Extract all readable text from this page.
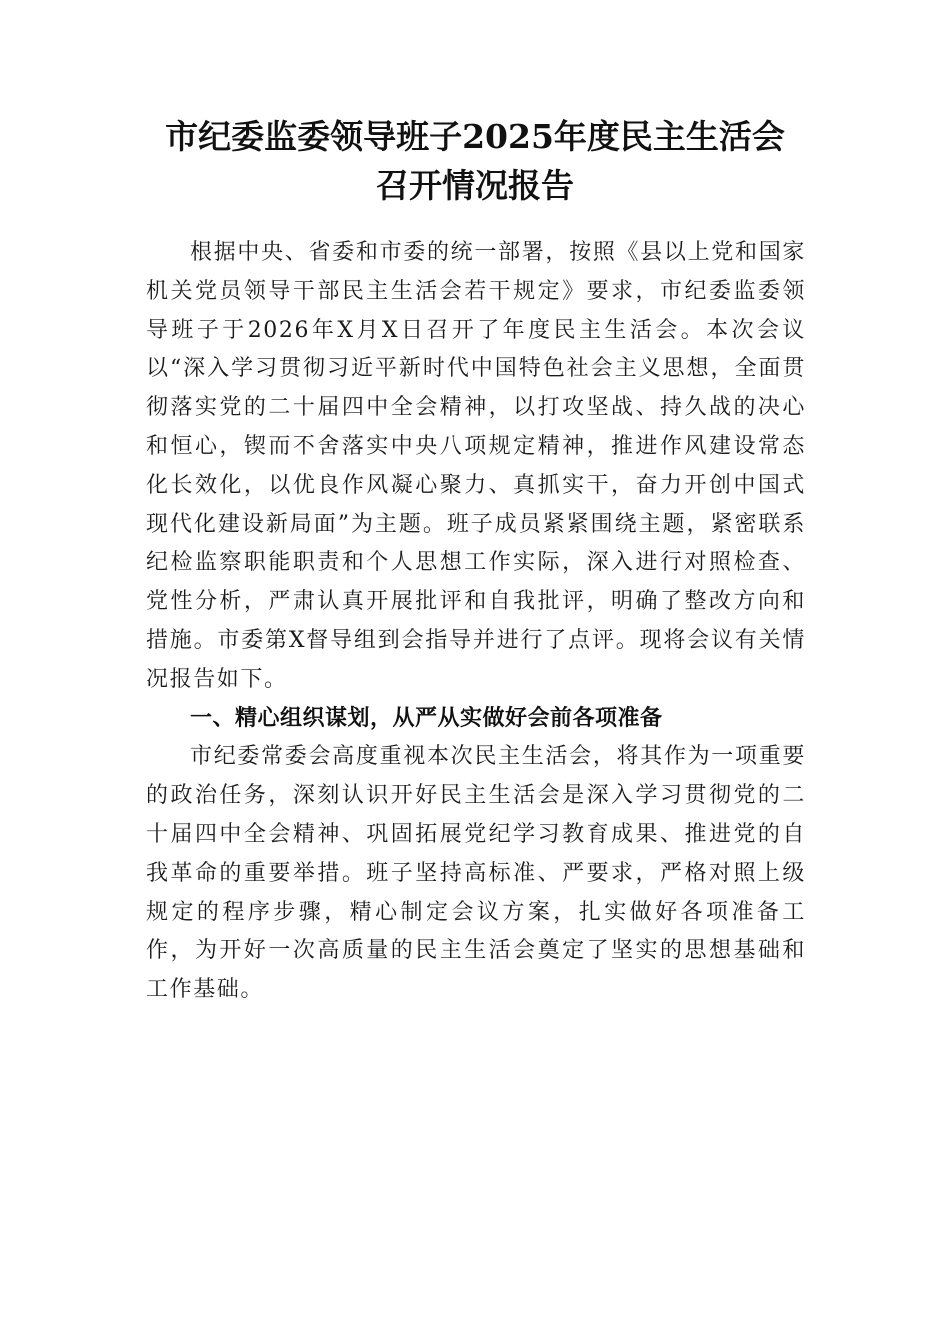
市纪委监委领导班子2025年度民主生活会
召开情况报告

根据中央、省委和市委的统一部署，按照《县以上党和国家机关党员领导干部民主生活会若干规定》要求，市纪委监委领导班子于2026年X月X日召开了年度民主生活会。本次会议以“深入学习贯彻习近平新时代中国特色社会主义思想，全面贯彻落实党的二十届四中全会精神，以打攻坚战、持久战的决心和恒心，锲而不舍落实中央八项规定精神，推进作风建设常态化长效化，以优良作风凝心聚力、真抓实干，奋力开创中国式现代化建设新局面”为主题。班子成员紧紧围绕主题，紧密联系纪检监察职能职责和个人思想工作实际，深入进行对照检查、党性分析，严肃认真开展批评和自我批评，明确了整改方向和措施。市委第X督导组到会指导并进行了点评。现将会议有关情况报告如下。

一、精心组织谋划，从严从实做好会前各项准备

市纪委常委会高度重视本次民主生活会，将其作为一项重要的政治任务，深刻认识开好民主生活会是深入学习贯彻党的二十届四中全会精神、巩固拓展党纪学习教育成果、推进党的自我革命的重要举措。班子坚持高标准、严要求，严格对照上级规定的程序步骤，精心制定会议方案，扎实做好各项准备工作，为开好一次高质量的民主生活会奠定了坚实的思想基础和工作基础。
